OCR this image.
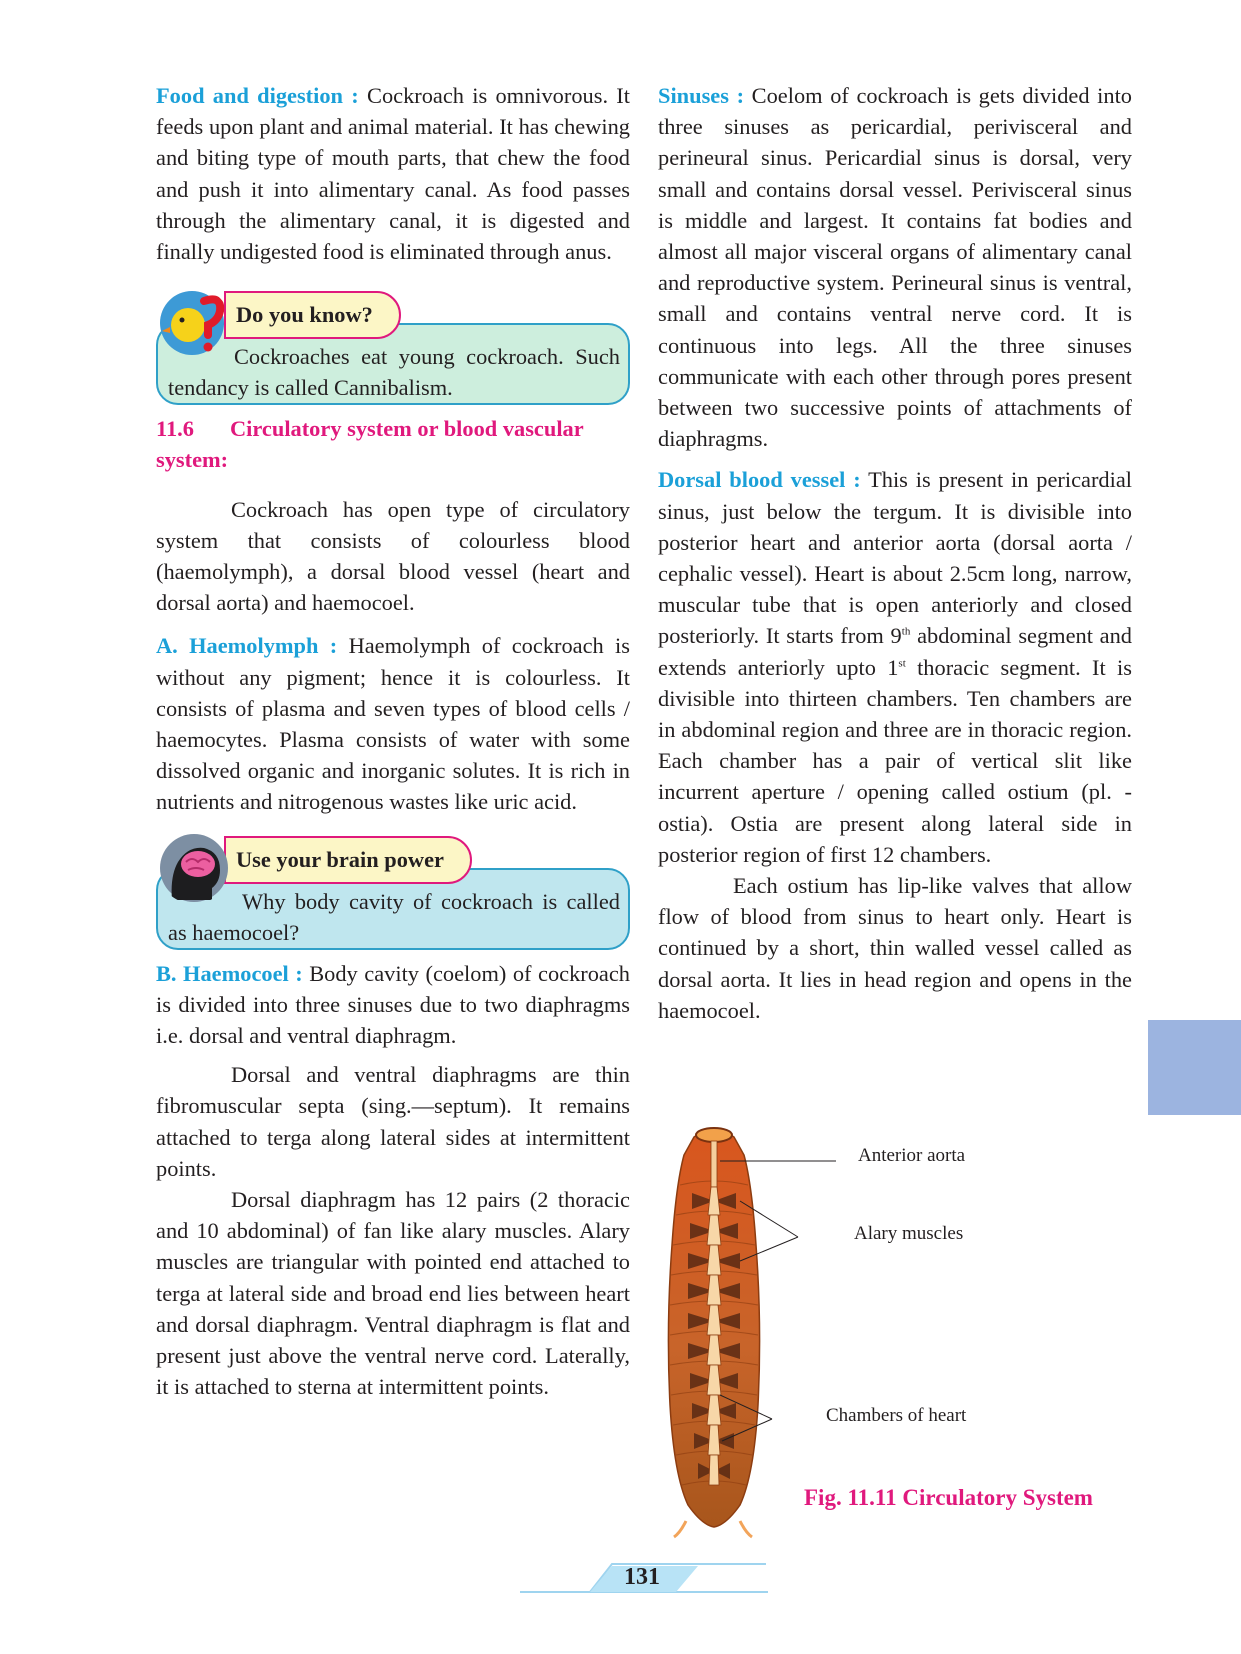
Food and digestion : Cockroach is omnivorous. It feeds upon plant and animal material. It has chewing and biting type of mouth parts, that chew the food and push it into alimentary canal. As food passes through the alimentary canal, it is digested and finally undigested food is eliminated through anus.

Do you know?

Cockroaches eat young cockroach. Such tendancy is called Cannibalism.

11.6 Circulatory system or blood vascular system:

Cockroach has open type of circulatory system that consists of colourless blood (haemolymph), a dorsal blood vessel (heart and dorsal aorta) and haemocoel.

A. Haemolymph : Haemolymph of cockroach is without any pigment; hence it is colourless. It consists of plasma and seven types of blood cells / haemocytes. Plasma consists of water with some dissolved organic and inorganic solutes. It is rich in nutrients and nitrogenous wastes like uric acid.

Use your brain power

Why body cavity of cockroach is called as haemocoel?

B. Haemocoel : Body cavity (coelom) of cockroach is divided into three sinuses due to two diaphragms i.e. dorsal and ventral diaphragm.

Dorsal and ventral diaphragms are thin fibromuscular septa (sing.—septum). It remains attached to terga along lateral sides at intermittent points.

Dorsal diaphragm has 12 pairs (2 thoracic and 10 abdominal) of fan like alary muscles. Alary muscles are triangular with pointed end attached to terga at lateral side and broad end lies between heart and dorsal diaphragm. Ventral diaphragm is flat and present just above the ventral nerve cord. Laterally, it is attached to sterna at intermittent points.

Sinuses : Coelom of cockroach is gets divided into three sinuses as pericardial, perivisceral and perineural sinus. Pericardial sinus is dorsal, very small and contains dorsal vessel. Perivisceral sinus is middle and largest. It contains fat bodies and almost all major visceral organs of alimentary canal and reproductive system. Perineural sinus is ventral, small and contains ventral nerve cord. It is continuous into legs. All the three sinuses communicate with each other through pores present between two successive points of attachments of diaphragms.

Dorsal blood vessel : This is present in pericardial sinus, just below the tergum. It is divisible into posterior heart and anterior aorta (dorsal aorta / cephalic vessel). Heart is about 2.5cm long, narrow, muscular tube that is open anteriorly and closed posteriorly. It starts from 9th abdominal segment and extends anteriorly upto 1st thoracic segment. It is divisible into thirteen chambers. Ten chambers are in abdominal region and three are in thoracic region. Each chamber has a pair of vertical slit like incurrent aperture / opening called ostium (pl. - ostia). Ostia are present along lateral side in posterior region of first 12 chambers.

Each ostium has lip-like valves that allow flow of blood from sinus to heart only. Heart is continued by a short, thin walled vessel called as dorsal aorta. It lies in head region and opens in the haemocoel.

Anterior aorta
Alary muscles
Chambers of heart
Fig. 11.11 Circulatory System
131
